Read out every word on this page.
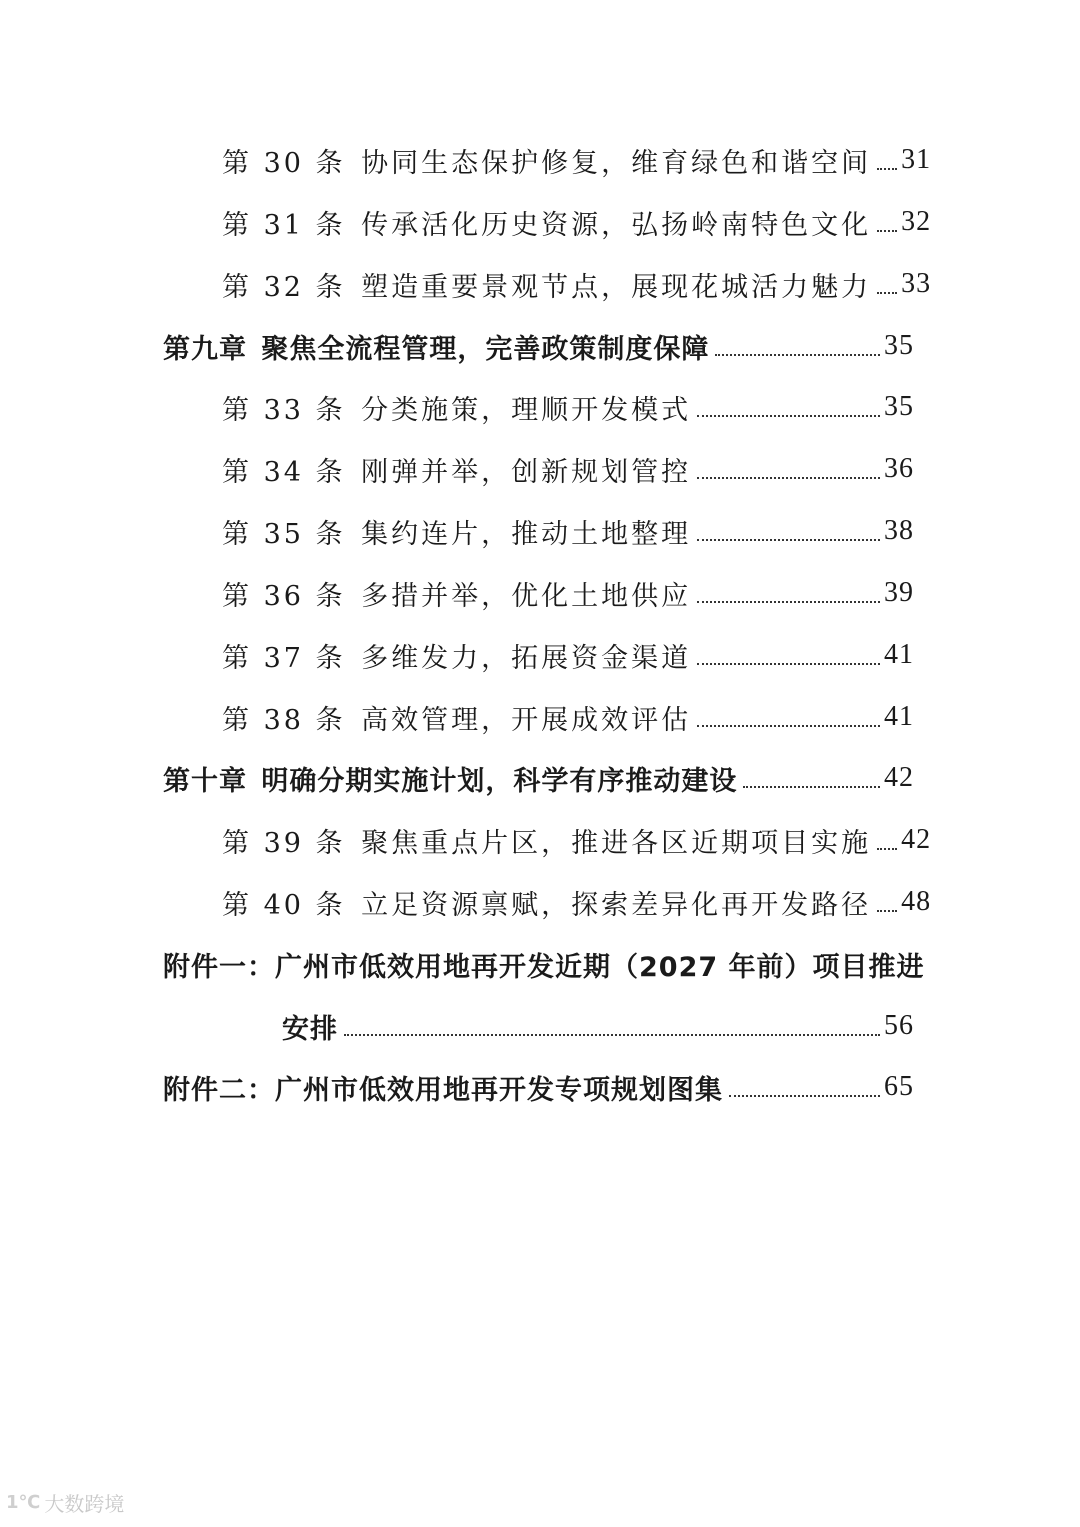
第 30 条 协同生态保护修复，维育绿色和谐空间 31
第 31 条 传承活化历史资源，弘扬岭南特色文化 32
第 32 条 塑造重要景观节点，展现花城活力魅力 33
第九章 聚焦全流程管理，完善政策制度保障	35
第 33 条 分类施策，理顺开发模式	35
第 34 条 刚弹并举，创新规划管控	36
第 35 条 集约连片，推动土地整理	38
第 36 条 多措并举，优化土地供应	39
第 37 条 多维发力，拓展资金渠道	41
第 38 条 高效管理，开展成效评估	41
第十章 明确分期实施计划，科学有序推动建设	42
第 39 条 聚焦重点片区，推进各区近期项目实施 42
第 40 条 立足资源禀赋，探索差异化再开发路径 48
附件一：广州市低效用地再开发近期（2027 年前）项目推进
安排	56
附件二：广州市低效用地再开发专项规划图集	65
1℃ 大数跨境
